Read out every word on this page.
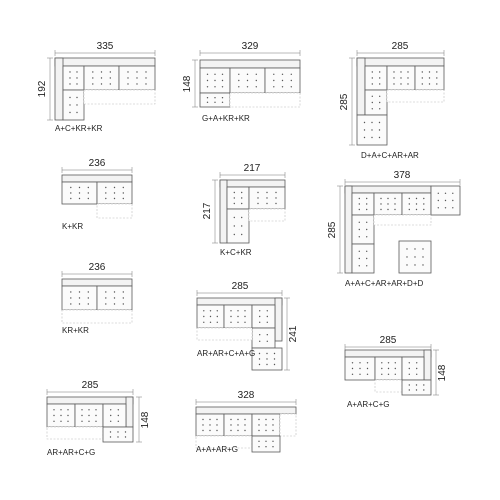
335
192
A+C+KR+KR
329
148
G+A+KR+KR
285
285
D+A+C+AR+AR
236
K+KR
217
217
K+C+KR
378
285
A+A+C+AR+AR+D+D
236
KR+KR
285
241
AR+AR+C+A+G
285
148
A+AR+C+G
285
148
AR+AR+C+G
328
A+A+AR+G
